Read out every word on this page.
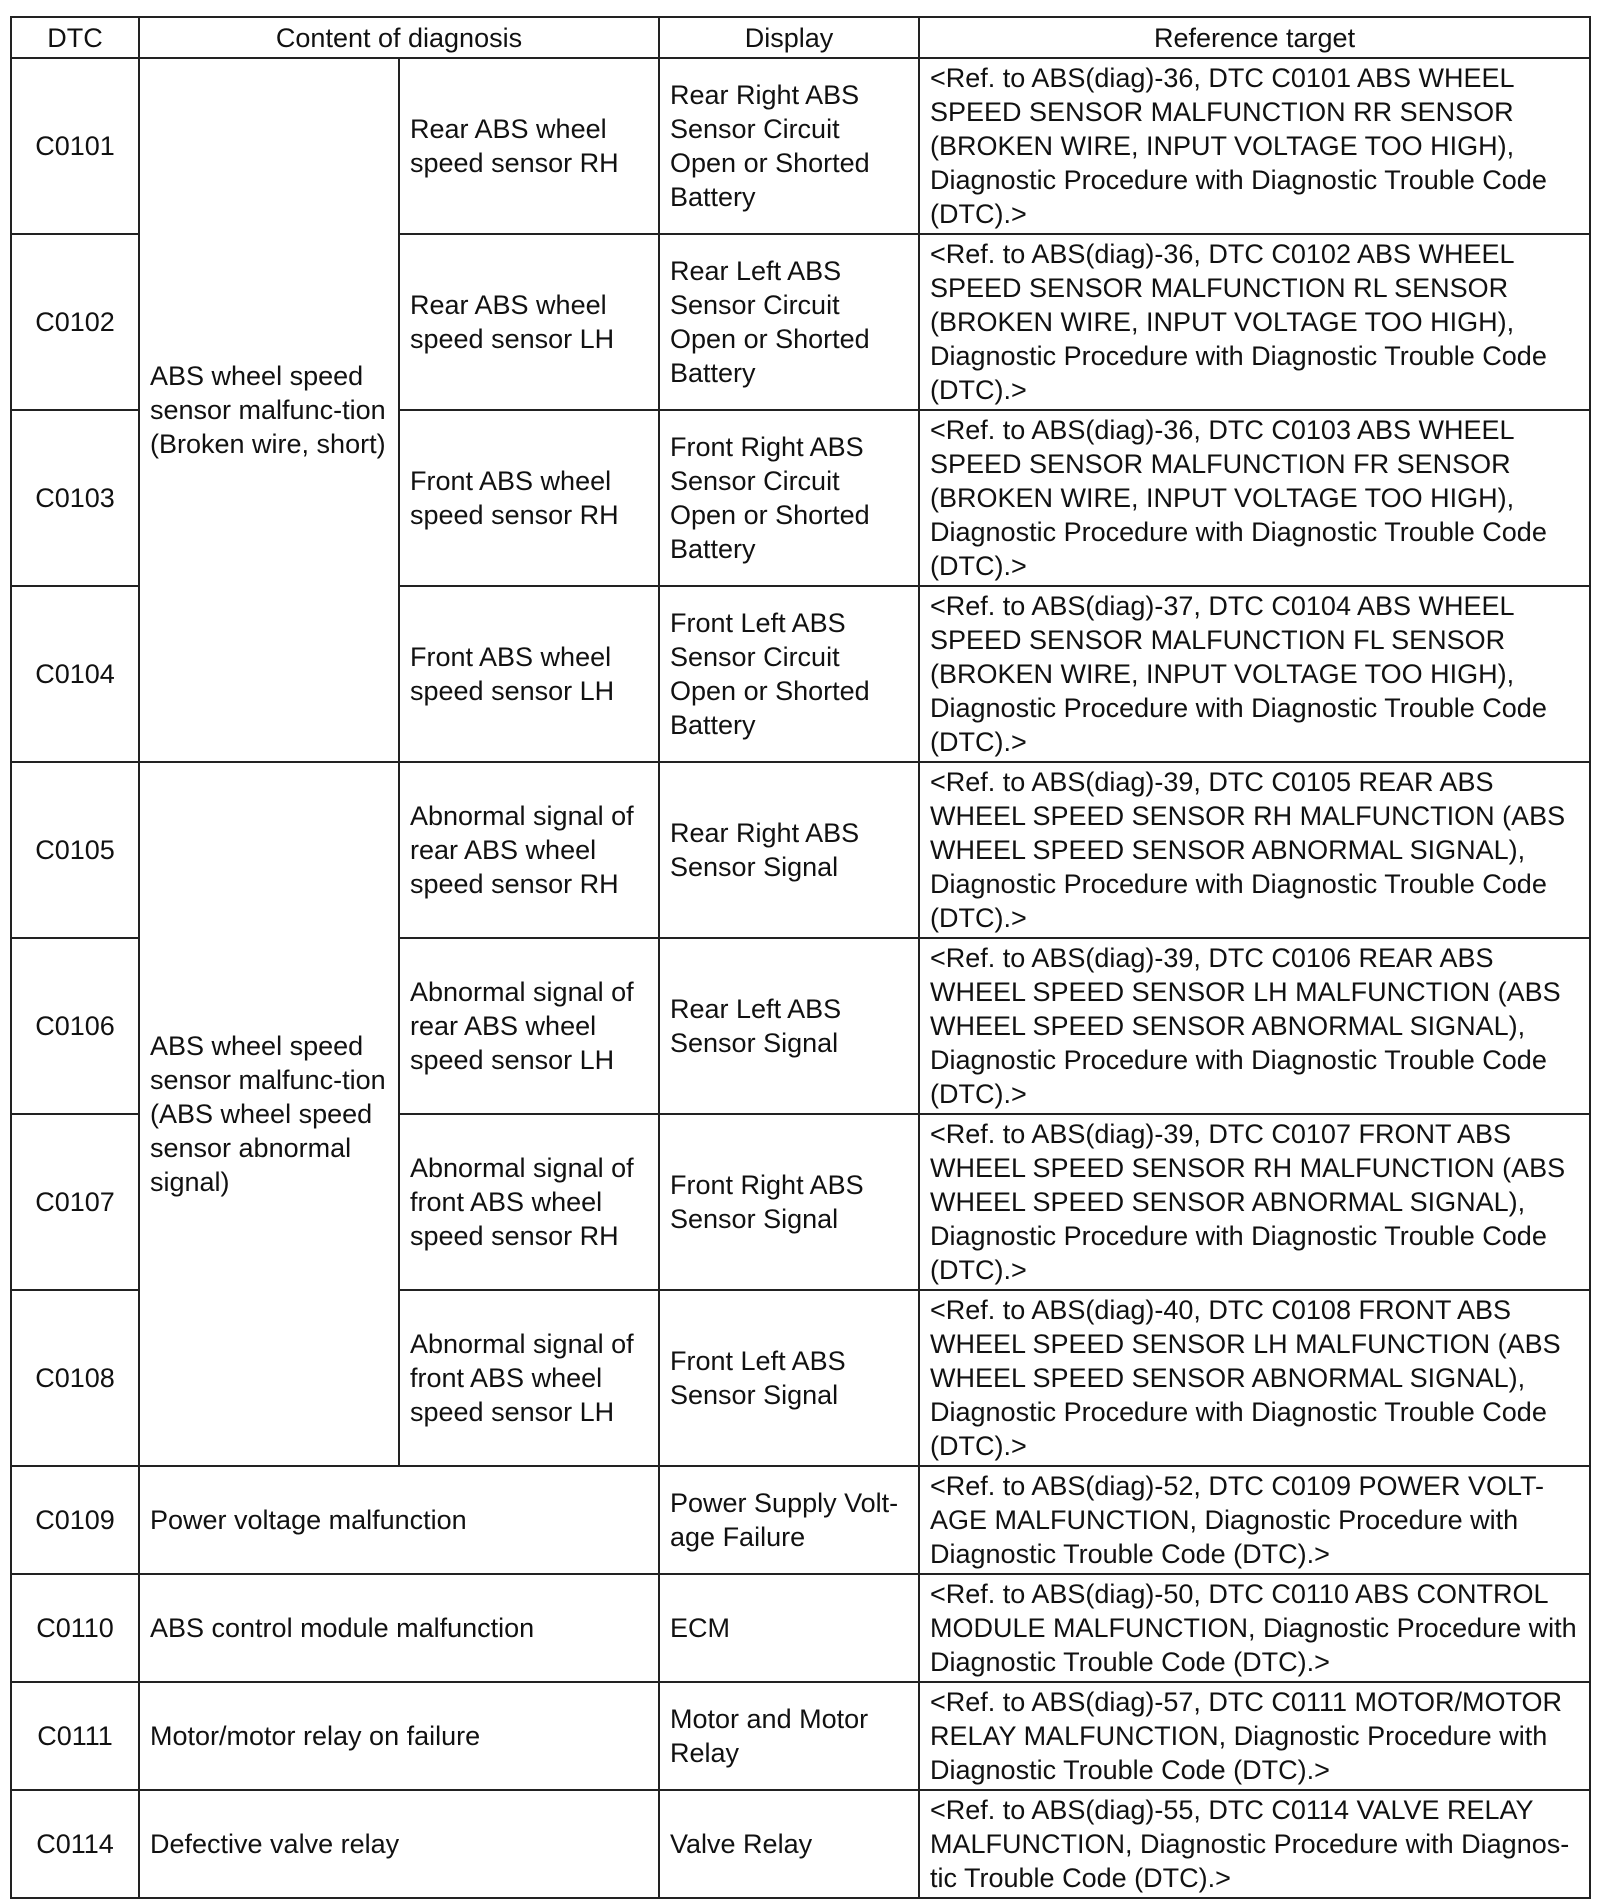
DTC	Content of diagnosis		Display	Reference target
C0101	ABS wheel speed sensor malfunc-tion (Broken wire, short)	Rear ABS wheel speed sensor RH	Rear Right ABS Sensor Circuit Open or Shorted Battery	<Ref. to ABS(diag)-36, DTC C0101 ABS WHEEL SPEED SENSOR MALFUNCTION RR SENSOR (BROKEN WIRE, INPUT VOLTAGE TOO HIGH), Diagnostic Procedure with Diagnostic Trouble Code (DTC).>
C0102		Rear ABS wheel speed sensor LH	Rear Left ABS Sensor Circuit Open or Shorted Battery	<Ref. to ABS(diag)-36, DTC C0102 ABS WHEEL SPEED SENSOR MALFUNCTION RL SENSOR (BROKEN WIRE, INPUT VOLTAGE TOO HIGH), Diagnostic Procedure with Diagnostic Trouble Code (DTC).>
C0103		Front ABS wheel speed sensor RH	Front Right ABS Sensor Circuit Open or Shorted Battery	<Ref. to ABS(diag)-36, DTC C0103 ABS WHEEL SPEED SENSOR MALFUNCTION FR SENSOR (BROKEN WIRE, INPUT VOLTAGE TOO HIGH), Diagnostic Procedure with Diagnostic Trouble Code (DTC).>
C0104		Front ABS wheel speed sensor LH	Front Left ABS Sensor Circuit Open or Shorted Battery	<Ref. to ABS(diag)-37, DTC C0104 ABS WHEEL SPEED SENSOR MALFUNCTION FL SENSOR (BROKEN WIRE, INPUT VOLTAGE TOO HIGH), Diagnostic Procedure with Diagnostic Trouble Code (DTC).>
C0105	ABS wheel speed sensor malfunc-tion (ABS wheel speed sensor abnormal signal)	Abnormal signal of rear ABS wheel speed sensor RH	Rear Right ABS Sensor Signal	<Ref. to ABS(diag)-39, DTC C0105 REAR ABS WHEEL SPEED SENSOR RH MALFUNCTION (ABS WHEEL SPEED SENSOR ABNORMAL SIGNAL), Diagnostic Procedure with Diagnostic Trouble Code (DTC).>
C0106		Abnormal signal of rear ABS wheel speed sensor LH	Rear Left ABS Sensor Signal	<Ref. to ABS(diag)-39, DTC C0106 REAR ABS WHEEL SPEED SENSOR LH MALFUNCTION (ABS WHEEL SPEED SENSOR ABNORMAL SIGNAL), Diagnostic Procedure with Diagnostic Trouble Code (DTC).>
C0107		Abnormal signal of front ABS wheel speed sensor RH	Front Right ABS Sensor Signal	<Ref. to ABS(diag)-39, DTC C0107 FRONT ABS WHEEL SPEED SENSOR RH MALFUNCTION (ABS WHEEL SPEED SENSOR ABNORMAL SIGNAL), Diagnostic Procedure with Diagnostic Trouble Code (DTC).>
C0108		Abnormal signal of front ABS wheel speed sensor LH	Front Left ABS Sensor Signal	<Ref. to ABS(diag)-40, DTC C0108 FRONT ABS WHEEL SPEED SENSOR LH MALFUNCTION (ABS WHEEL SPEED SENSOR ABNORMAL SIGNAL), Diagnostic Procedure with Diagnostic Trouble Code (DTC).>
C0109	Power voltage malfunction		Power Supply Volt-age Failure	<Ref. to ABS(diag)-52, DTC C0109 POWER VOLT-AGE MALFUNCTION, Diagnostic Procedure with Diagnostic Trouble Code (DTC).>
C0110	ABS control module malfunction		ECM	<Ref. to ABS(diag)-50, DTC C0110 ABS CONTROL MODULE MALFUNCTION, Diagnostic Procedure with Diagnostic Trouble Code (DTC).>
C0111	Motor/motor relay on failure		Motor and Motor Relay	<Ref. to ABS(diag)-57, DTC C0111 MOTOR/MOTOR RELAY MALFUNCTION, Diagnostic Procedure with Diagnostic Trouble Code (DTC).>
C0114	Defective valve relay		Valve Relay	<Ref. to ABS(diag)-55, DTC C0114 VALVE RELAY MALFUNCTION, Diagnostic Procedure with Diagnos-tic Trouble Code (DTC).>
